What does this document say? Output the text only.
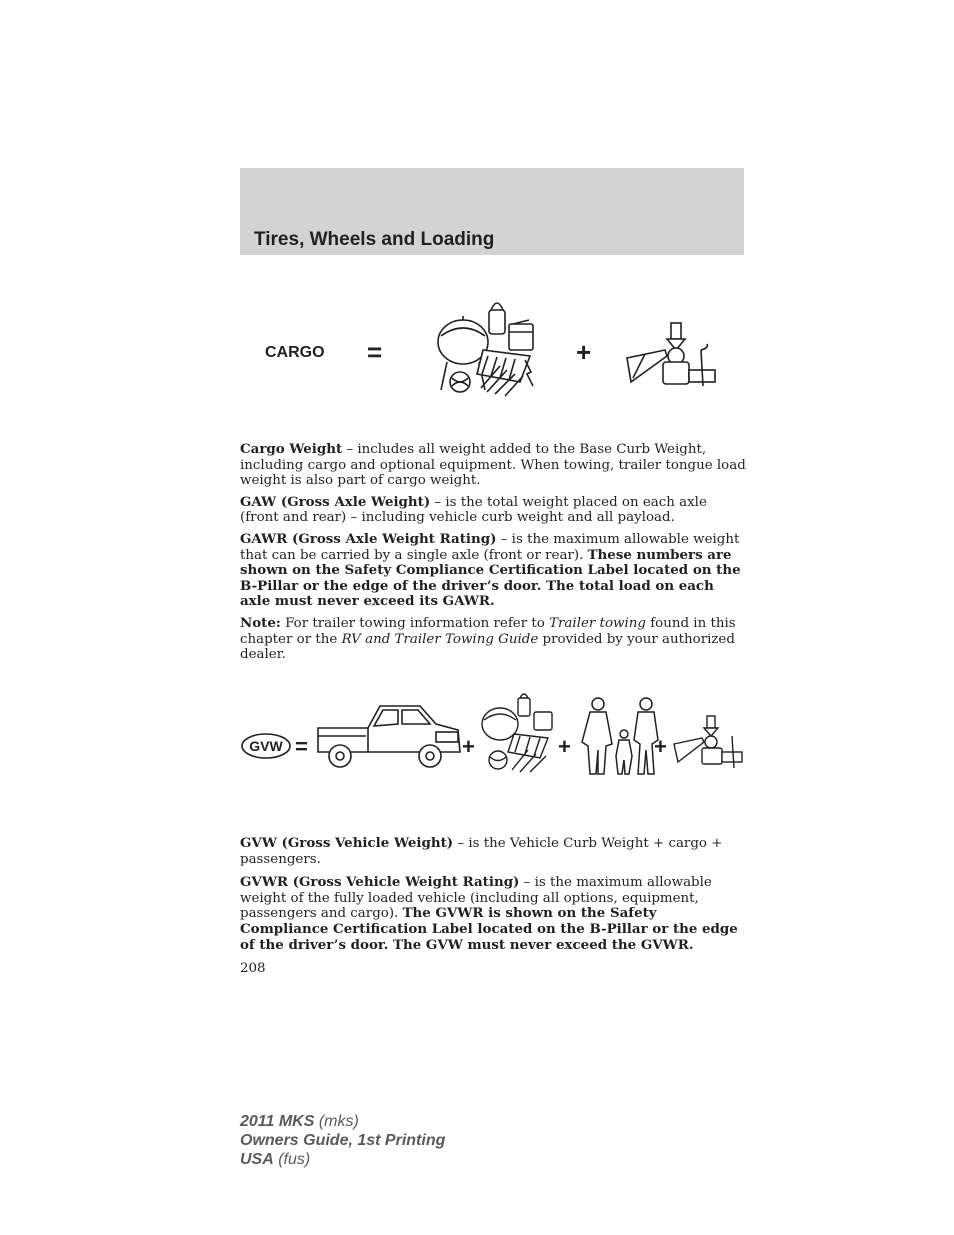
Tires, Wheels and Loading
CARGO =	+

Cargo Weight – includes all weight added to the Base Curb Weight, including cargo and optional equipment. When towing, trailer tongue load weight is also part of cargo weight.

GAW (Gross Axle Weight) – is the total weight placed on each axle (front and rear) – including vehicle curb weight and all payload.

GAWR (Gross Axle Weight Rating) – is the maximum allowable weight that can be carried by a single axle (front or rear). These numbers are shown on the Safety Compliance Certification Label located on the B-Pillar or the edge of the driver’s door. The total load on each axle must never exceed its GAWR.

Note: For trailer towing information refer to Trailer towing found in this chapter or the RV and Trailer Towing Guide provided by your authorized dealer.

GVW =	+	+	+

GVW (Gross Vehicle Weight) – is the Vehicle Curb Weight + cargo + passengers.

GVWR (Gross Vehicle Weight Rating) – is the maximum allowable weight of the fully loaded vehicle (including all options, equipment, passengers and cargo). The GVWR is shown on the Safety Compliance Certification Label located on the B-Pillar or the edge of the driver’s door. The GVW must never exceed the GVWR.

208
2011 MKS (mks)
Owners Guide, 1st Printing
USA (fus)
